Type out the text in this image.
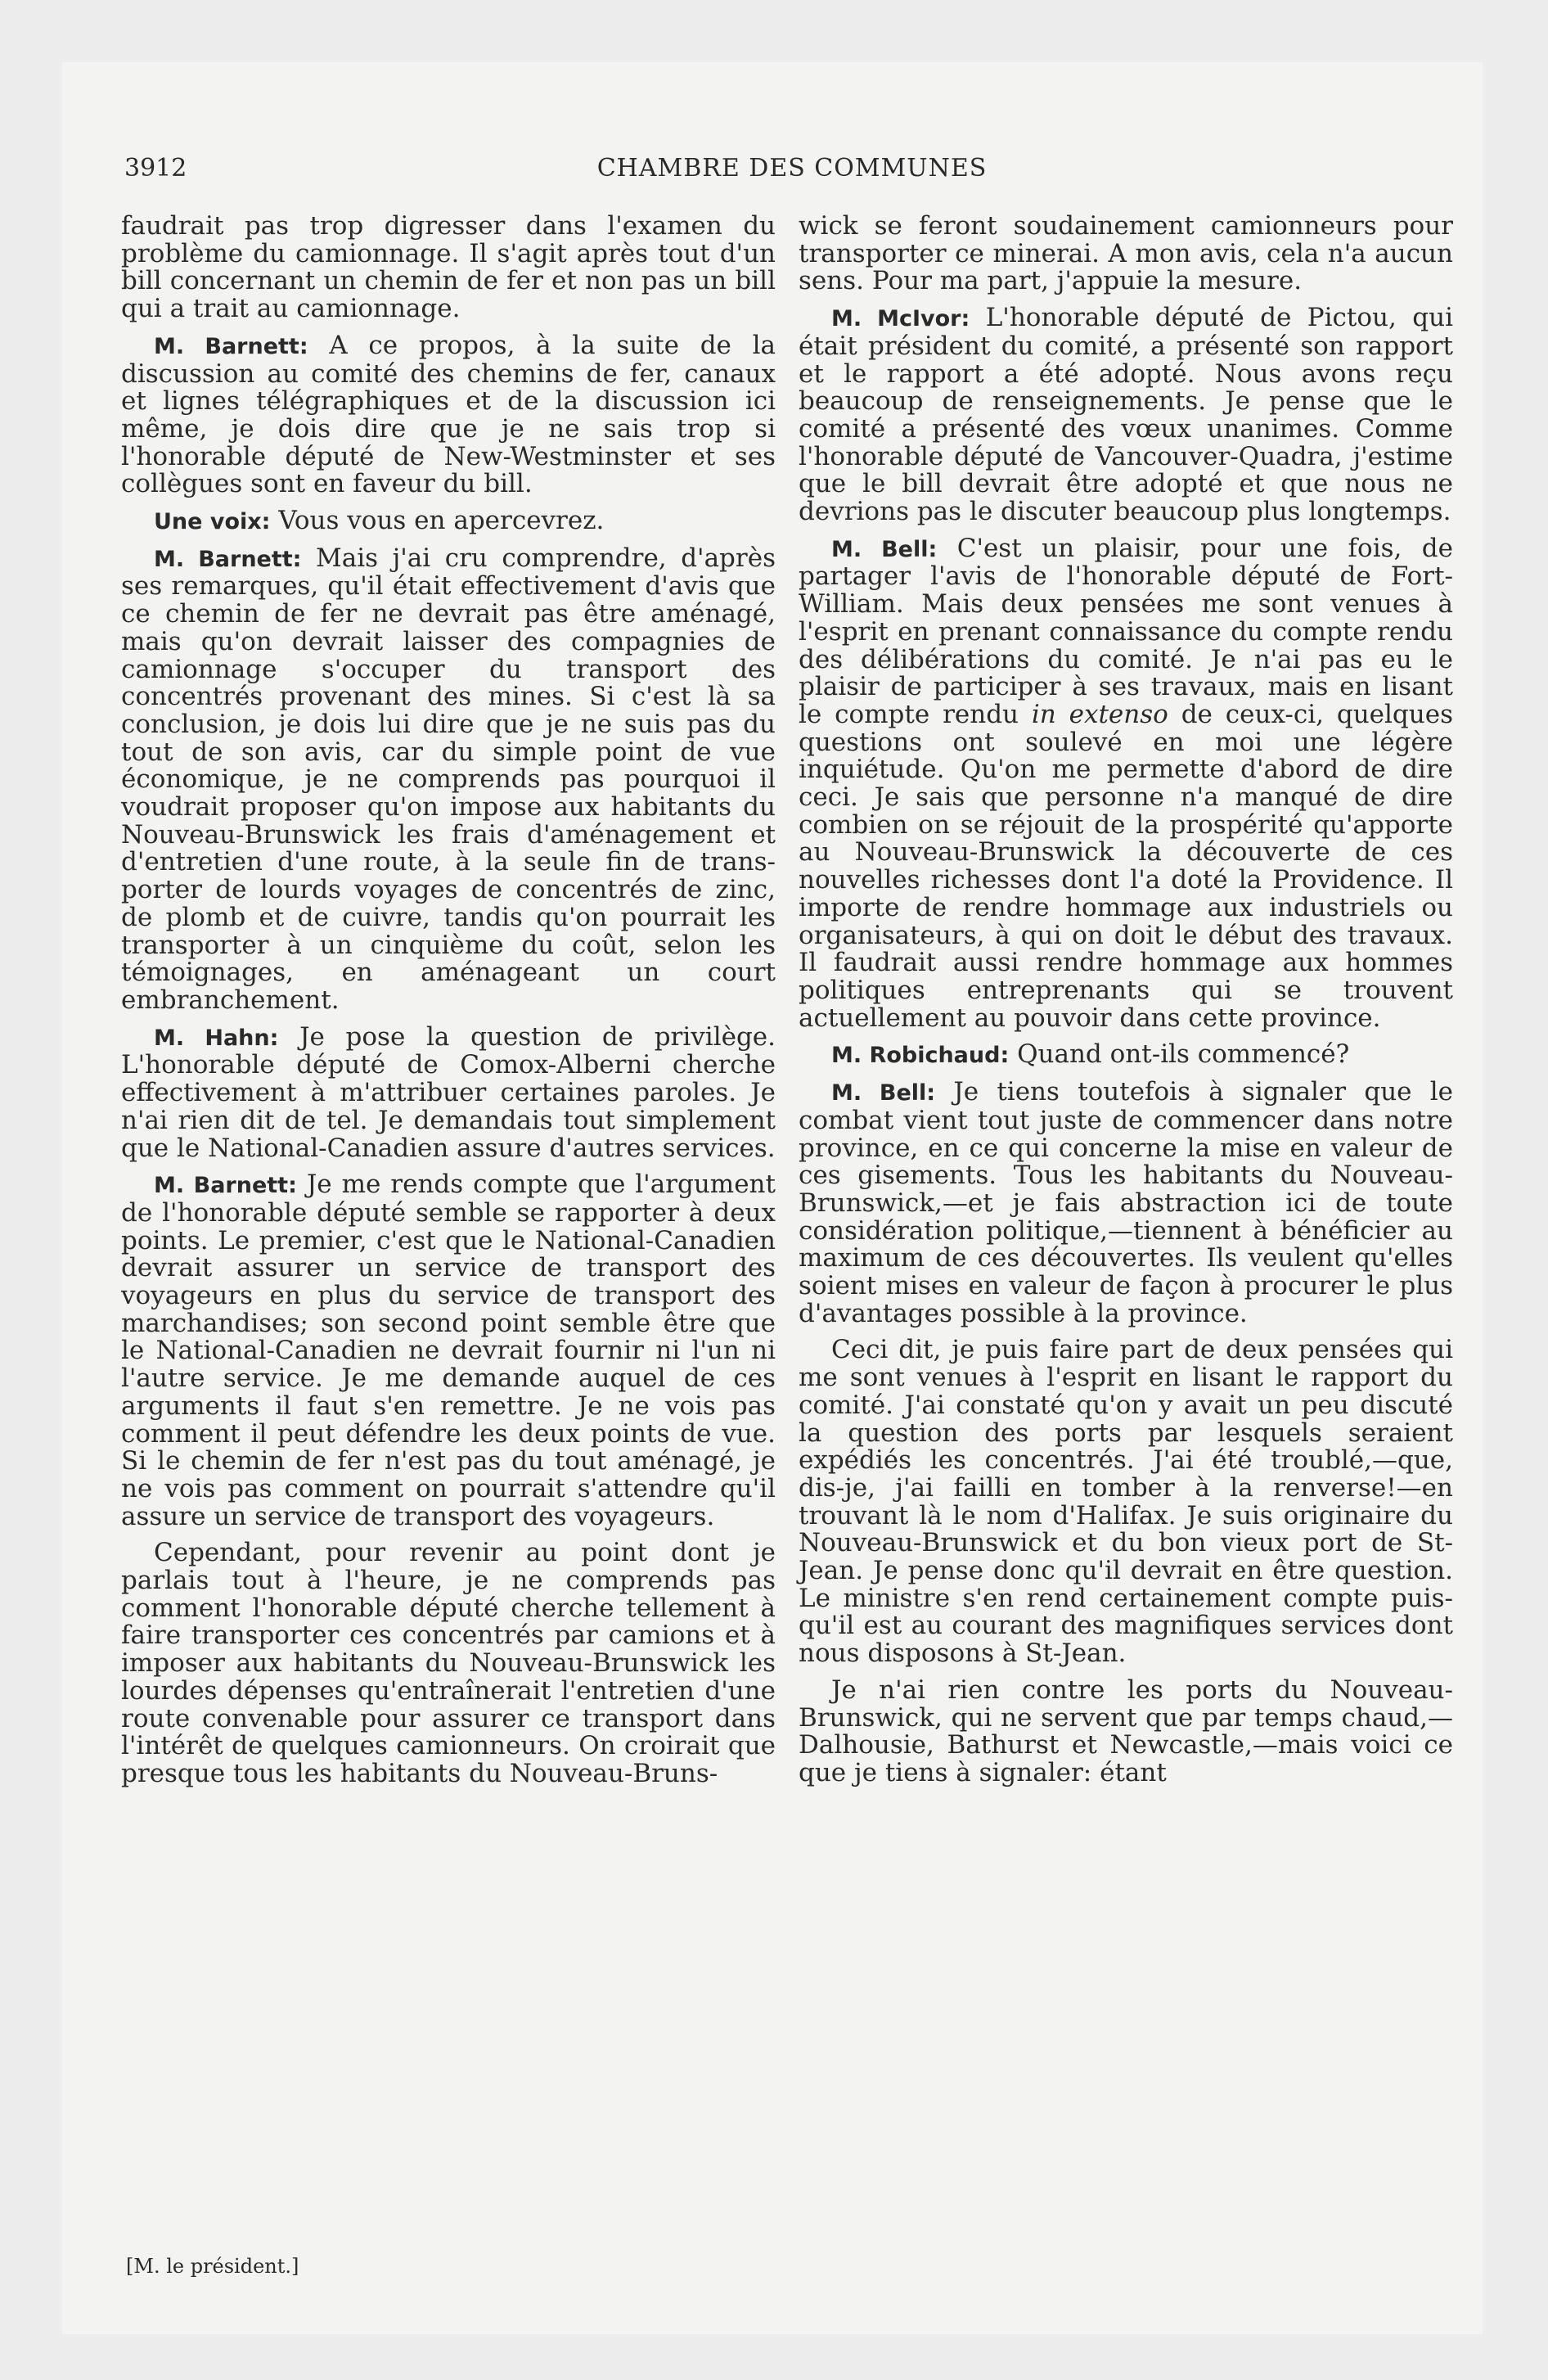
3912	CHAMBRE DES COMMUNES

faudrait pas trop digresser dans l'examen du problème du camionnage. Il s'agit après tout d'un bill concernant un chemin de fer et non pas un bill qui a trait au camionnage.

M. Barnett: A ce propos, à la suite de la discussion au comité des chemins de fer, canaux et lignes télégraphiques et de la discussion ici même, je dois dire que je ne sais trop si l'honorable député de New-Westminster et ses collègues sont en faveur du bill.

Une voix: Vous vous en apercevrez.

M. Barnett: Mais j'ai cru comprendre, d'après ses remarques, qu'il était effectivement d'avis que ce chemin de fer ne devrait pas être aménagé, mais qu'on devrait laisser des compagnies de camionnage s'occuper du transport des concentrés provenant des mines. Si c'est là sa conclusion, je dois lui dire que je ne suis pas du tout de son avis, car du simple point de vue économique, je ne comprends pas pourquoi il voudrait proposer qu'on impose aux habitants du Nouveau-Brunswick les frais d'aménagement et d'entretien d'une route, à la seule fin de transporter de lourds voyages de concentrés de zinc, de plomb et de cuivre, tandis qu'on pourrait les transporter à un cinquième du coût, selon les témoignages, en aménageant un court embranchement.

M. Hahn: Je pose la question de privilège. L'honorable député de Comox-Alberni cherche effectivement à m'attribuer certaines paroles. Je n'ai rien dit de tel. Je demandais tout simplement que le National-Canadien assure d'autres services.

M. Barnett: Je me rends compte que l'argument de l'honorable député semble se rapporter à deux points. Le premier, c'est que le National-Canadien devrait assurer un service de transport des voyageurs en plus du service de transport des marchandises; son second point semble être que le National-Canadien ne devrait fournir ni l'un ni l'autre service. Je me demande auquel de ces arguments il faut s'en remettre. Je ne vois pas comment il peut défendre les deux points de vue. Si le chemin de fer n'est pas du tout aménagé, je ne vois pas comment on pourrait s'attendre qu'il assure un service de transport des voyageurs.

Cependant, pour revenir au point dont je parlais tout à l'heure, je ne comprends pas comment l'honorable député cherche tellement à faire transporter ces concentrés par camions et à imposer aux habitants du Nouveau-Brunswick les lourdes dépenses qu'entraînerait l'entretien d'une route convenable pour assurer ce transport dans l'intérêt de quelques camionneurs. On croirait que presque tous les habitants du Nouveau-Bruns-

wick se feront soudainement camionneurs pour transporter ce minerai. A mon avis, cela n'a aucun sens. Pour ma part, j'appuie la mesure.

M. McIvor: L'honorable député de Pictou, qui était président du comité, a présenté son rapport et le rapport a été adopté. Nous avons reçu beaucoup de renseignements. Je pense que le comité a présenté des vœux unanimes. Comme l'honorable député de Vancouver-Quadra, j'estime que le bill devrait être adopté et que nous ne devrions pas le discuter beaucoup plus longtemps.

M. Bell: C'est un plaisir, pour une fois, de partager l'avis de l'honorable député de Fort-William. Mais deux pensées me sont venues à l'esprit en prenant connaissance du compte rendu des délibérations du comité. Je n'ai pas eu le plaisir de participer à ses travaux, mais en lisant le compte rendu in extenso de ceux-ci, quelques questions ont soulevé en moi une légère inquiétude. Qu'on me permette d'abord de dire ceci. Je sais que personne n'a manqué de dire combien on se réjouit de la prospérité qu'apporte au Nouveau-Brunswick la découverte de ces nouvelles richesses dont l'a doté la Providence. Il importe de rendre hommage aux industriels ou organisateurs, à qui on doit le début des travaux. Il faudrait aussi rendre hommage aux hommes politiques entreprenants qui se trouvent actuellement au pouvoir dans cette province.

M. Robichaud: Quand ont-ils commencé?

M. Bell: Je tiens toutefois à signaler que le combat vient tout juste de commencer dans notre province, en ce qui concerne la mise en valeur de ces gisements. Tous les habitants du Nouveau-Brunswick,—et je fais abstraction ici de toute considération politique,—tiennent à bénéficier au maximum de ces découvertes. Ils veulent qu'elles soient mises en valeur de façon à procurer le plus d'avantages possible à la province.

Ceci dit, je puis faire part de deux pensées qui me sont venues à l'esprit en lisant le rapport du comité. J'ai constaté qu'on y avait un peu discuté la question des ports par lesquels seraient expédiés les concentrés. J'ai été troublé,—que, dis-je, j'ai failli en tomber à la renverse!—en trouvant là le nom d'Halifax. Je suis originaire du Nouveau-Brunswick et du bon vieux port de St-Jean. Je pense donc qu'il devrait en être question. Le ministre s'en rend certainement compte puisqu'il est au courant des magnifiques services dont nous disposons à St-Jean.

Je n'ai rien contre les ports du Nouveau-Brunswick, qui ne servent que par temps chaud,—Dalhousie, Bathurst et Newcastle,—mais voici ce que je tiens à signaler: étant

[M. le président.]
